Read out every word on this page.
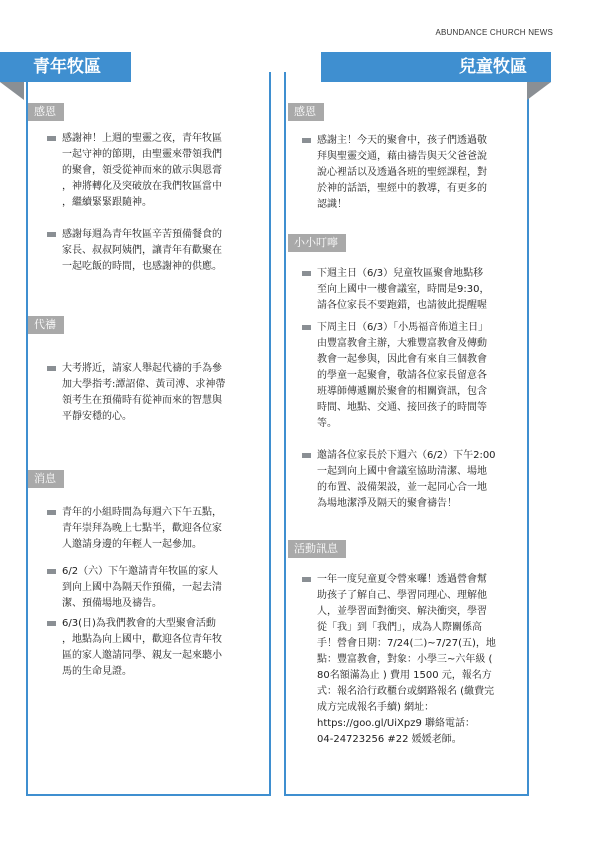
ABUNDANCE CHURCH NEWS
青年牧區
感恩
感謝神！上週的聖靈之夜，青年牧區
一起守神的節期，由聖靈來帶領我們
的聚會，領受從神而來的啟示與恩膏
，神將轉化及突破放在我們牧區當中
，繼續緊緊跟隨神。
感謝每週為青年牧區辛苦預備餐食的
家長、叔叔阿姨們，讓青年有歡聚在
一起吃飯的時間，也感謝神的供應。
代禱
大考將近，請家人舉起代禱的手為參
加大學指考:譚詔偉、黃司溥、求神帶
領考生在預備時有從神而來的智慧與
平靜安穩的心。
消息
青年的小組時間為每週六下午五點，
青年崇拜為晚上七點半，歡迎各位家
人邀請身邊的年輕人一起參加。
6/2（六）下午邀請青年牧區的家人
到向上國中為隔天作預備，一起去清
潔、預備場地及禱告。
6/3(日)為我們教會的大型聚會活動
，地點為向上國中，歡迎各位青年牧
區的家人邀請同學、親友一起來聽小
馬的生命見證。
兒童牧區
感恩
感謝主！今天的聚會中，孩子們透過敬
拜與聖靈交通，藉由禱告與天父爸爸說
說心裡話以及透過各班的聖經課程，對
於神的話語，聖經中的教導，有更多的
認識！
小小叮嚀
下週主日（6/3）兒童牧區聚會地點移
至向上國中一樓會議室，時間是9:30，
請各位家長不要跑錯，也請彼此提醒喔
下周主日（6/3）「小馬福音佈道主日」
由豐富教會主辦，大雅豐富教會及傳動
教會一起參與，因此會有來自三個教會
的學童一起聚會，敬請各位家長留意各
班導師傳遞關於聚會的相關資訊，包含
時間、地點、交通、接回孩子的時間等
等。
邀請各位家長於下週六（6/2）下午2:00
一起到向上國中會議室協助清潔、場地
的布置、設備架設，並一起同心合一地
為場地潔淨及隔天的聚會禱告！
活動訊息
一年一度兒童夏令營來囉！透過營會幫
助孩子了解自己、學習同理心、理解他
人，並學習面對衝突、解決衝突，學習
從「我」到「我們」，成為人際關係高
手！營會日期：7/24(二)~7/27(五)，地
點：豐富教會，對象：小學三~六年級 (
80名額滿為止 ) 費用 1500 元，報名方
式：報名洽行政櫃台或網路報名 (繳費完
成方完成報名手續) 網址：
https://goo.gl/UiXpz9 聯絡電話：
04-24723256 #22 媛媛老師。
